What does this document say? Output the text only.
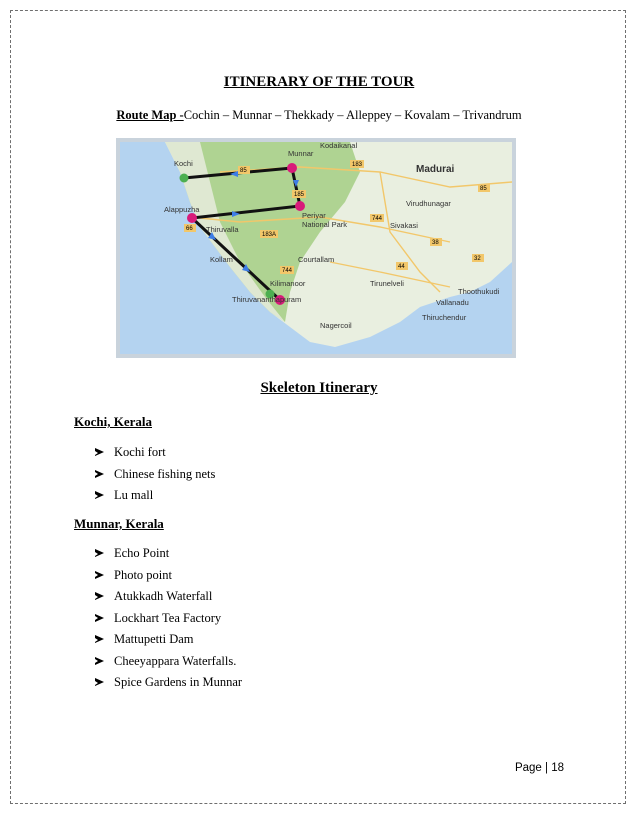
ITINERARY OF THE TOUR
Route Map -Cochin – Munnar – Thekkady – Alleppey – Kovalam – Trivandrum
Kochi
Munnar
Kodaikanal
Madurai
Alappuzha
Periyar
National Park
Virudhunagar
Sivakasi
Thiruvalla
Kollam	Courtallam
Tirunelveli
Thoothukudi
Kilimanoor
Thiruvananthapuram	Vallanadu
Thiruchendur
Nagercoil
85
183
185
744
66
183A
744
44
32
38
85
Skeleton Itinerary
Kochi, Kerala
Kochi fort
Chinese fishing nets
Lu mall
Munnar, Kerala
Echo Point
Photo point
Atukkadh Waterfall
Lockhart Tea Factory
Mattupetti Dam
Cheeyappara Waterfalls.
Spice Gardens in Munnar
Page | 18
